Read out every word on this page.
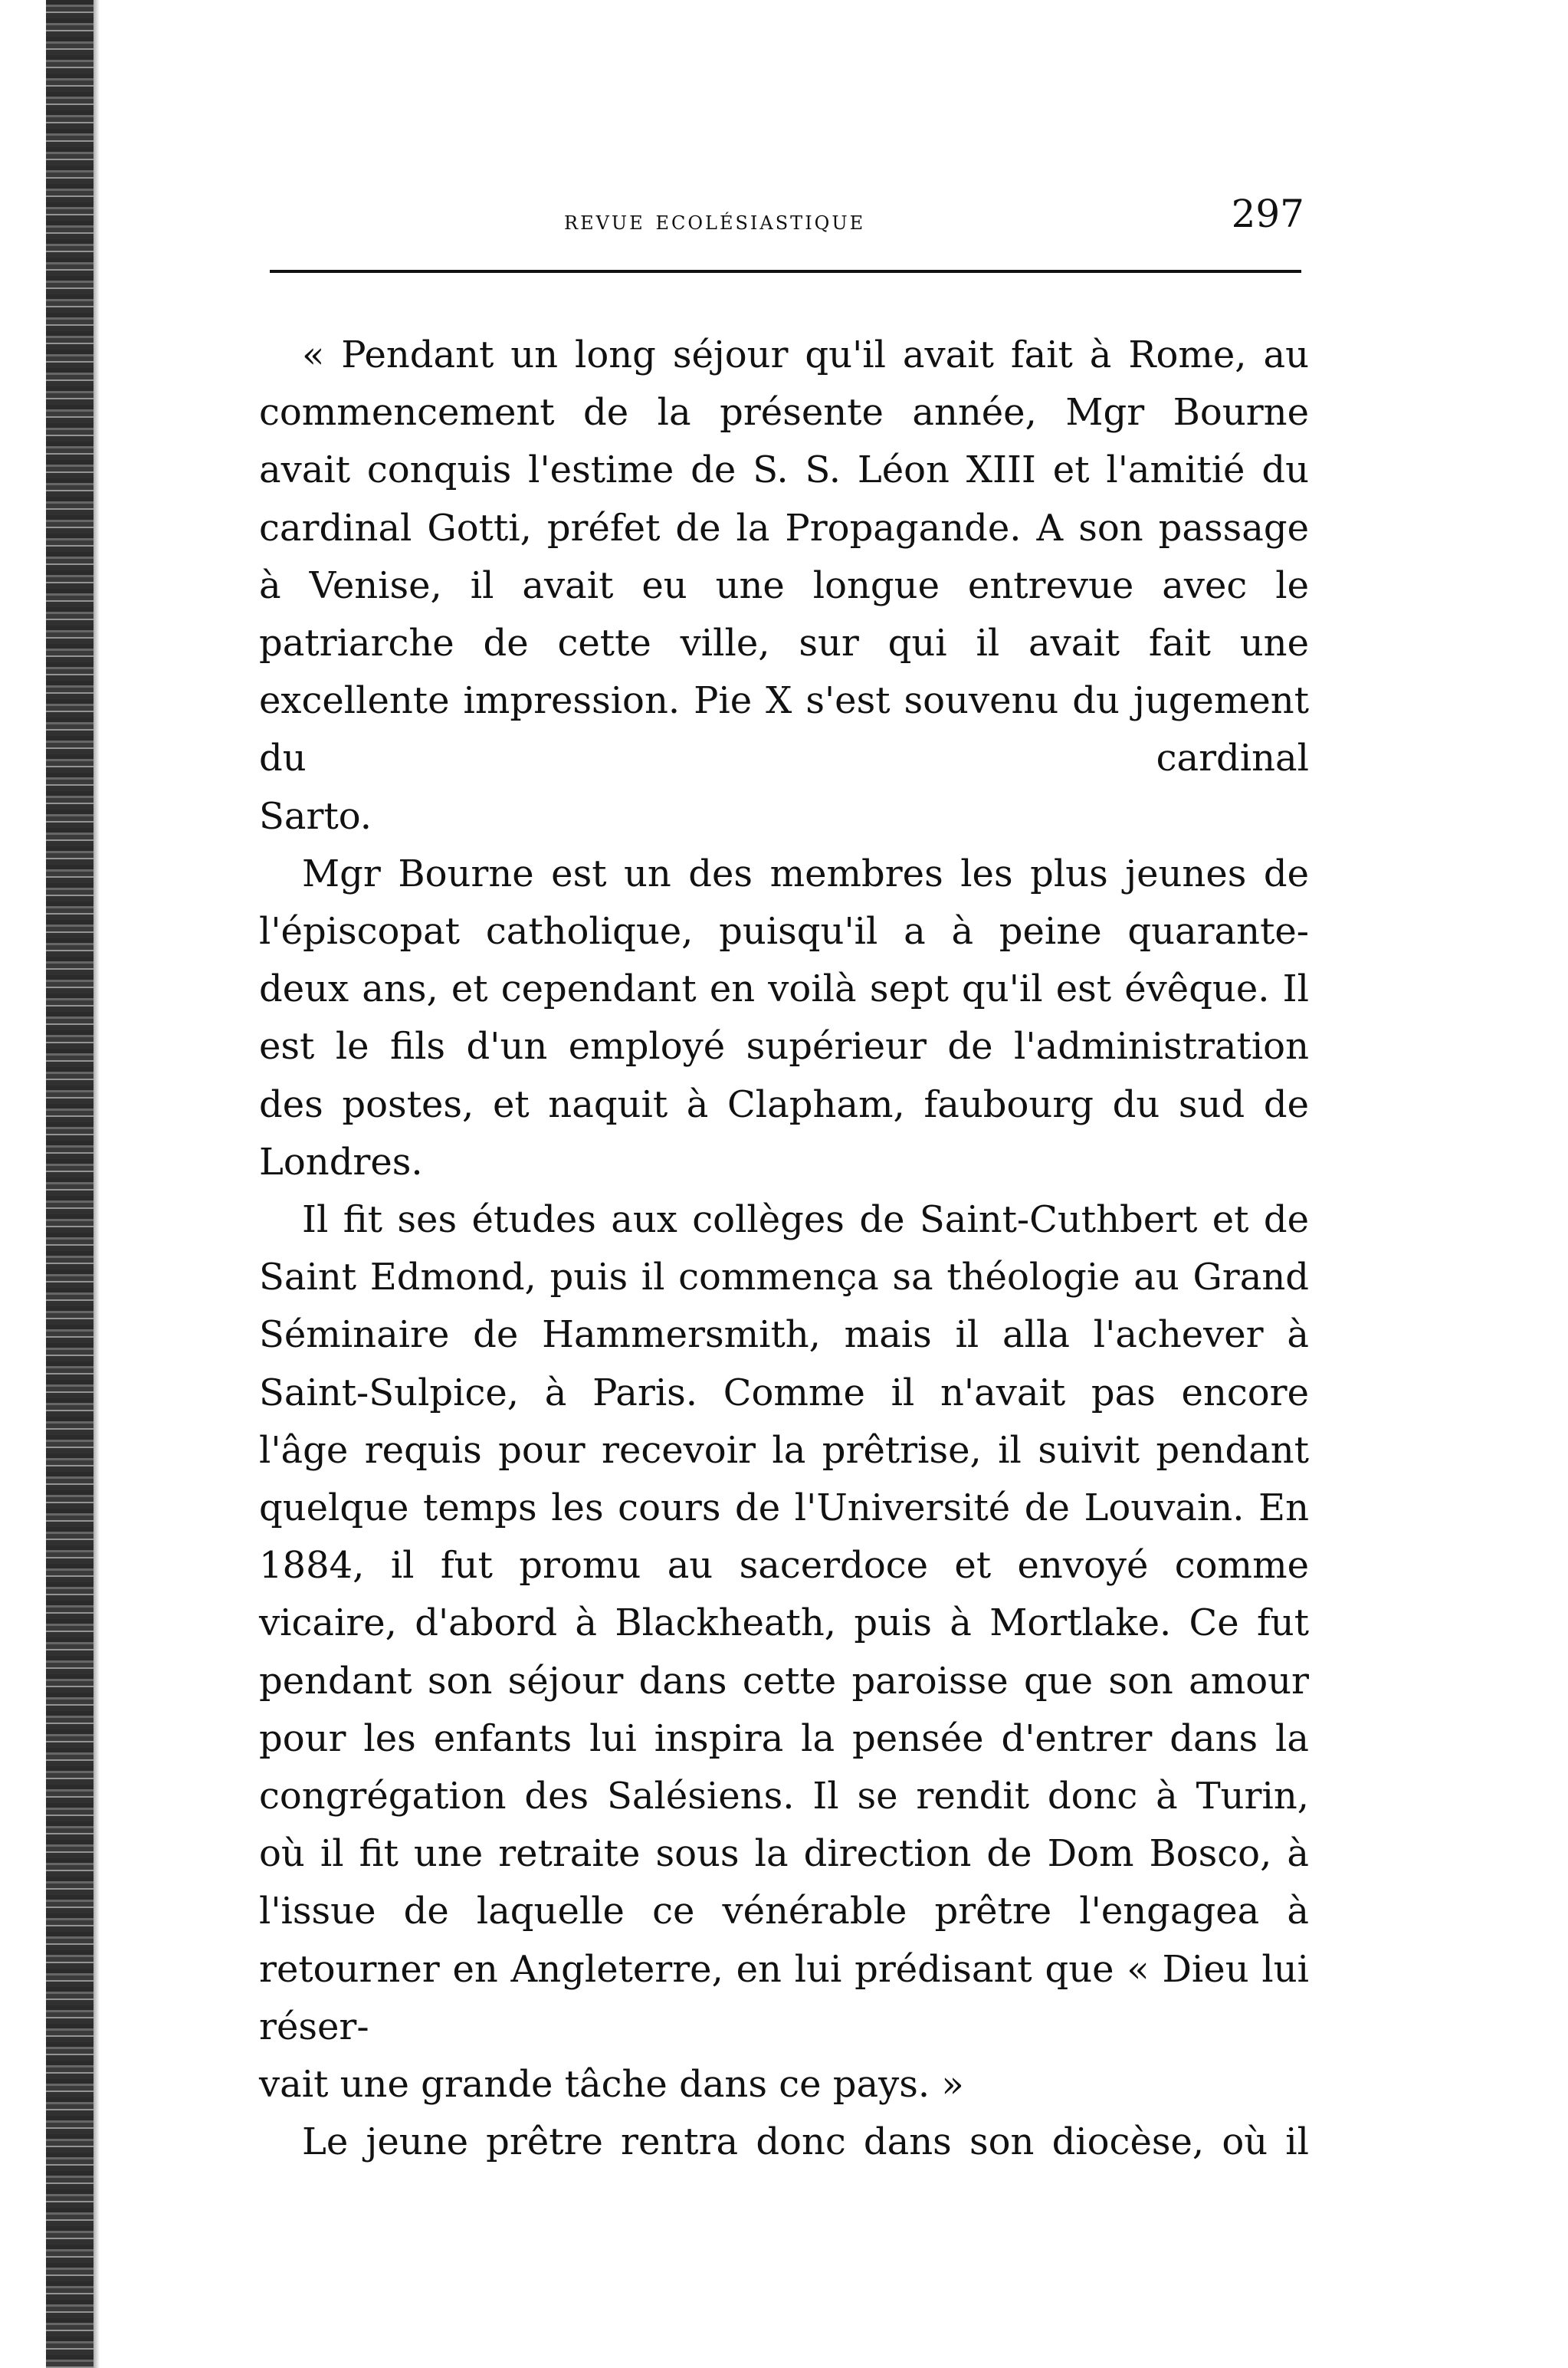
revue ecolésiastique	297

« Pendant un long séjour qu'il avait fait à Rome, au commencement de la présente année, Mgr Bourne avait conquis l'estime de S. S. Léon XIII et l'amitié du cardinal Gotti, préfet de la Propagande. A son passage à Venise, il avait eu une longue entrevue avec le patriarche de cette ville, sur qui il avait fait une excellente impression. Pie X s'est souvenu du jugement du cardinal
Sarto.

Mgr Bourne est un des membres les plus jeunes de l'épiscopat catholique, puisqu'il a à peine quarante-deux ans, et cependant en voilà sept qu'il est évêque. Il est le fils d'un employé supérieur de l'administration des postes, et naquit à Clapham, faubourg du sud de Londres.

Il fit ses études aux collèges de Saint-Cuthbert et de Saint Edmond, puis il commença sa théologie au Grand Séminaire de Hammersmith, mais il alla l'achever à Saint-Sulpice, à Paris. Comme il n'avait pas encore l'âge requis pour recevoir la prêtrise, il suivit pendant quelque temps les cours de l'Université de Louvain. En 1884, il fut promu au sacerdoce et envoyé comme vicaire, d'abord à Blackheath, puis à Mortlake. Ce fut pendant son séjour dans cette paroisse que son amour pour les enfants lui inspira la pensée d'entrer dans la congrégation des Salésiens. Il se rendit donc à Turin, où il fit une retraite sous la direction de Dom Bosco, à l'issue de laquelle ce vénérable prêtre l'engagea à retourner en Angleterre, en lui prédisant que « Dieu lui réser-
vait une grande tâche dans ce pays. »

Le jeune prêtre rentra donc dans son diocèse, où il
